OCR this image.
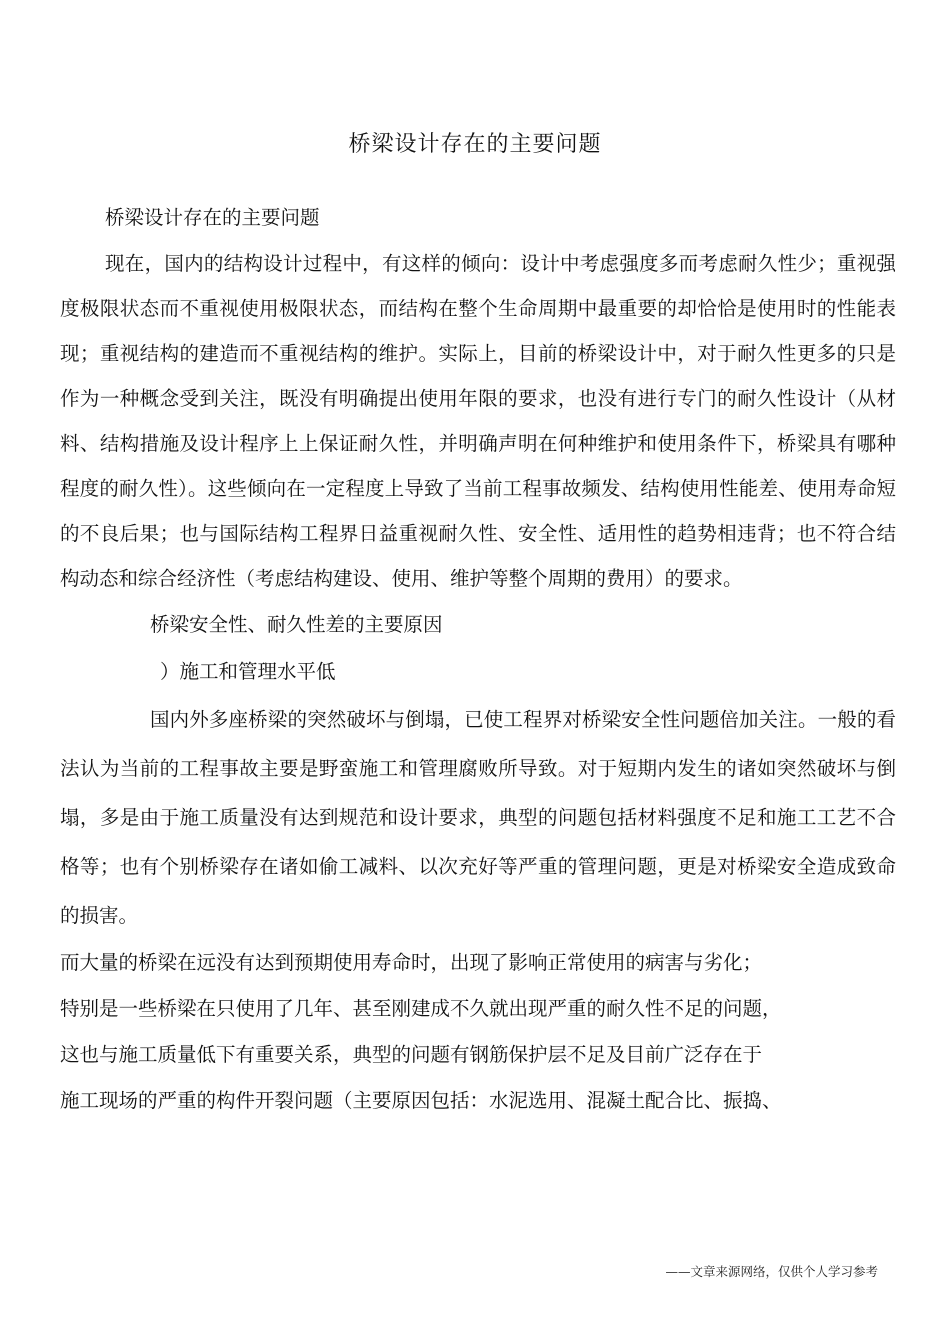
桥梁设计存在的主要问题

桥梁设计存在的主要问题

现在，国内的结构设计过程中，有这样的倾向：设计中考虑强度多而考虑耐久性少；重视强度极限状态而不重视使用极限状态，而结构在整个生命周期中最重要的却恰恰是使用时的性能表现；重视结构的建造而不重视结构的维护。实际上，目前的桥梁设计中，对于耐久性更多的只是作为一种概念受到关注，既没有明确提出使用年限的要求，也没有进行专门的耐久性设计（从材料、结构措施及设计程序上上保证耐久性，并明确声明在何种维护和使用条件下，桥梁具有哪种程度的耐久性）。这些倾向在一定程度上导致了当前工程事故频发、结构使用性能差、使用寿命短的不良后果；也与国际结构工程界日益重视耐久性、安全性、适用性的趋势相违背；也不符合结构动态和综合经济性（考虑结构建设、使用、维护等整个周期的费用）的要求。

桥梁安全性、耐久性差的主要原因

）施工和管理水平低

国内外多座桥梁的突然破坏与倒塌，已使工程界对桥梁安全性问题倍加关注。一般的看法认为当前的工程事故主要是野蛮施工和管理腐败所导致。对于短期内发生的诸如突然破坏与倒塌，多是由于施工质量没有达到规范和设计要求，典型的问题包括材料强度不足和施工工艺不合格等；也有个别桥梁存在诸如偷工减料、以次充好等严重的管理问题，更是对桥梁安全造成致命的损害。

而大量的桥梁在远没有达到预期使用寿命时，出现了影响正常使用的病害与劣化；

特别是一些桥梁在只使用了几年、甚至刚建成不久就出现严重的耐久性不足的问题，

这也与施工质量低下有重要关系，典型的问题有钢筋保护层不足及目前广泛存在于

施工现场的严重的构件开裂问题（主要原因包括：水泥选用、混凝土配合比、振捣、

——文章来源网络，仅供个人学习参考
